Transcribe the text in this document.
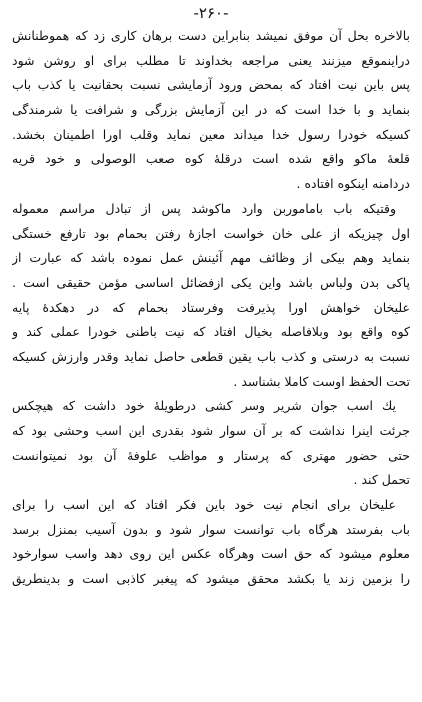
-۲۶۰-
بالاخره بحل آن موفق نميشد بنابراين دست برهان كاری زد كه هموطنانش
دراينموقع ميزنند يعنی مراجعه بخداوند تا مطلب برای او روشن شود
پس باين نيت افتاد كه بمحض ورود آزمايشی نسبت بحقانيت يا كذب باب
بنمايد و با خدا است كه در اين آزمايش بزرگی و شرافت يا شرمندگی
كسيكه خودرا رسول خدا ميداند معين نمايد وقلب اورا اطمينان بخشد.
قلعهٔ ماكو واقع شده است درقلهٔ كوه صعب الوصولی و خود قريه
دردامنه اينكوه افتاده .
وقتيكه باب باماموربن وارد ماكوشد پس از تبادل مراسم معموله
اول چيزيكه از علی خان خواست اجازهٔ رفتن بحمام بود تارفع خستگی
بنمايد وهم بيكی از وظائف مهم آئينش عمل نموده باشد كه عبارت از
پاكی بدن ولباس باشد واين يكی ازفضائل اساسی مؤمن حقيقی است .
عليخان خواهش اورا پذيرفت وفرستاد بحمام كه در دهكدهٔ پايه
كوه واقع بود وبلافاصله بخيال افتاد كه نيت باطنی خودرا عملی كند و
نسبت به درستی و كذب باب يقين قطعی حاصل نمايد وقدر وارزش كسيكه
تحت الحفظ اوست كاملا بشناسد .
يك اسب جوان شرير وسر كشی درطويلهٔ خود داشت كه هيچكس
جرئت اينرا نداشت كه بر آن سوار شود بقدری اين اسب وحشی بود كه
حتی حضور مهتری كه پرستار و مواظب علوفهٔ آن بود نميتوانست
تحمل كند .
عليخان برای انجام نيت خود باين فكر افتاد كه اين اسب را برای
باب بفرستد هرگاه باب توانست سوار شود و بدون آسيب بمنزل برسد
معلوم ميشود كه حق است وهرگاه عكس اين روی دهد واسب سوارخود
را بزمين زند يا بكشد محقق ميشود كه پيغبر كاذبی است و بدينطريق
